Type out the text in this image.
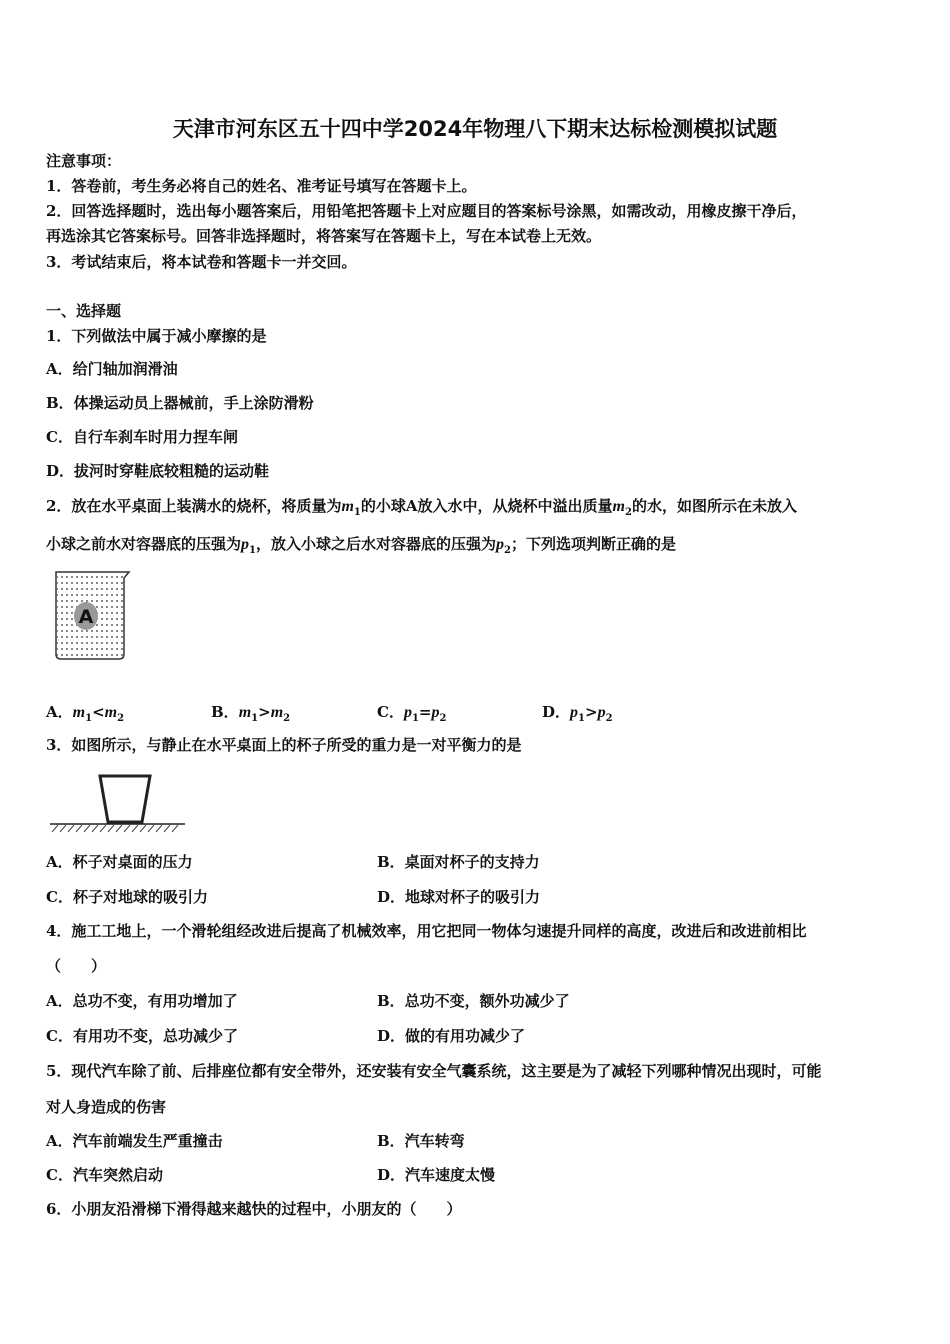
天津市河东区五十四中学2024年物理八下期末达标检测模拟试题
注意事项：
1．答卷前，考生务必将自己的姓名、准考证号填写在答题卡上。
2．回答选择题时，选出每小题答案后，用铅笔把答题卡上对应题目的答案标号涂黑，如需改动，用橡皮擦干净后，
再选涂其它答案标号。回答非选择题时，将答案写在答题卡上，写在本试卷上无效。
3．考试结束后，将本试卷和答题卡一并交回。
一、选择题
1．下列做法中属于减小摩擦的是
A．给门轴加润滑油
B．体操运动员上器械前，手上涂防滑粉
C．自行车刹车时用力捏车闸
D．拔河时穿鞋底较粗糙的运动鞋
2．放在水平桌面上装满水的烧杯，将质量为$m_1$的小球A放入水中，从烧杯中溢出质量$m_2$的水，如图所示在未放入
小球之前水对容器底的压强为$p_1$，放入小球之后水对容器底的压强为$p_2$；下列选项判断正确的是
A
A．$m_1<m_2$	B．$m_1>m_2$	C．$p_1=p_2$	D．$p_1>p_2$
3．如图所示，与静止在水平桌面上的杯子所受的重力是一对平衡力的是
A．杯子对桌面的压力	B．桌面对杯子的支持力
C．杯子对地球的吸引力	D．地球对杯子的吸引力
4．施工工地上，一个滑轮组经改进后提高了机械效率，用它把同一物体匀速提升同样的高度，改进后和改进前相比
（　　）
A．总功不变，有用功增加了	B．总功不变，额外功减少了
C．有用功不变，总功减少了	D．做的有用功减少了
5．现代汽车除了前、后排座位都有安全带外，还安装有安全气囊系统，这主要是为了减轻下列哪种情况出现时，可能
对人身造成的伤害
A．汽车前端发生严重撞击	B．汽车转弯
C．汽车突然启动	D．汽车速度太慢
6．小朋友沿滑梯下滑得越来越快的过程中，小朋友的（　　）
